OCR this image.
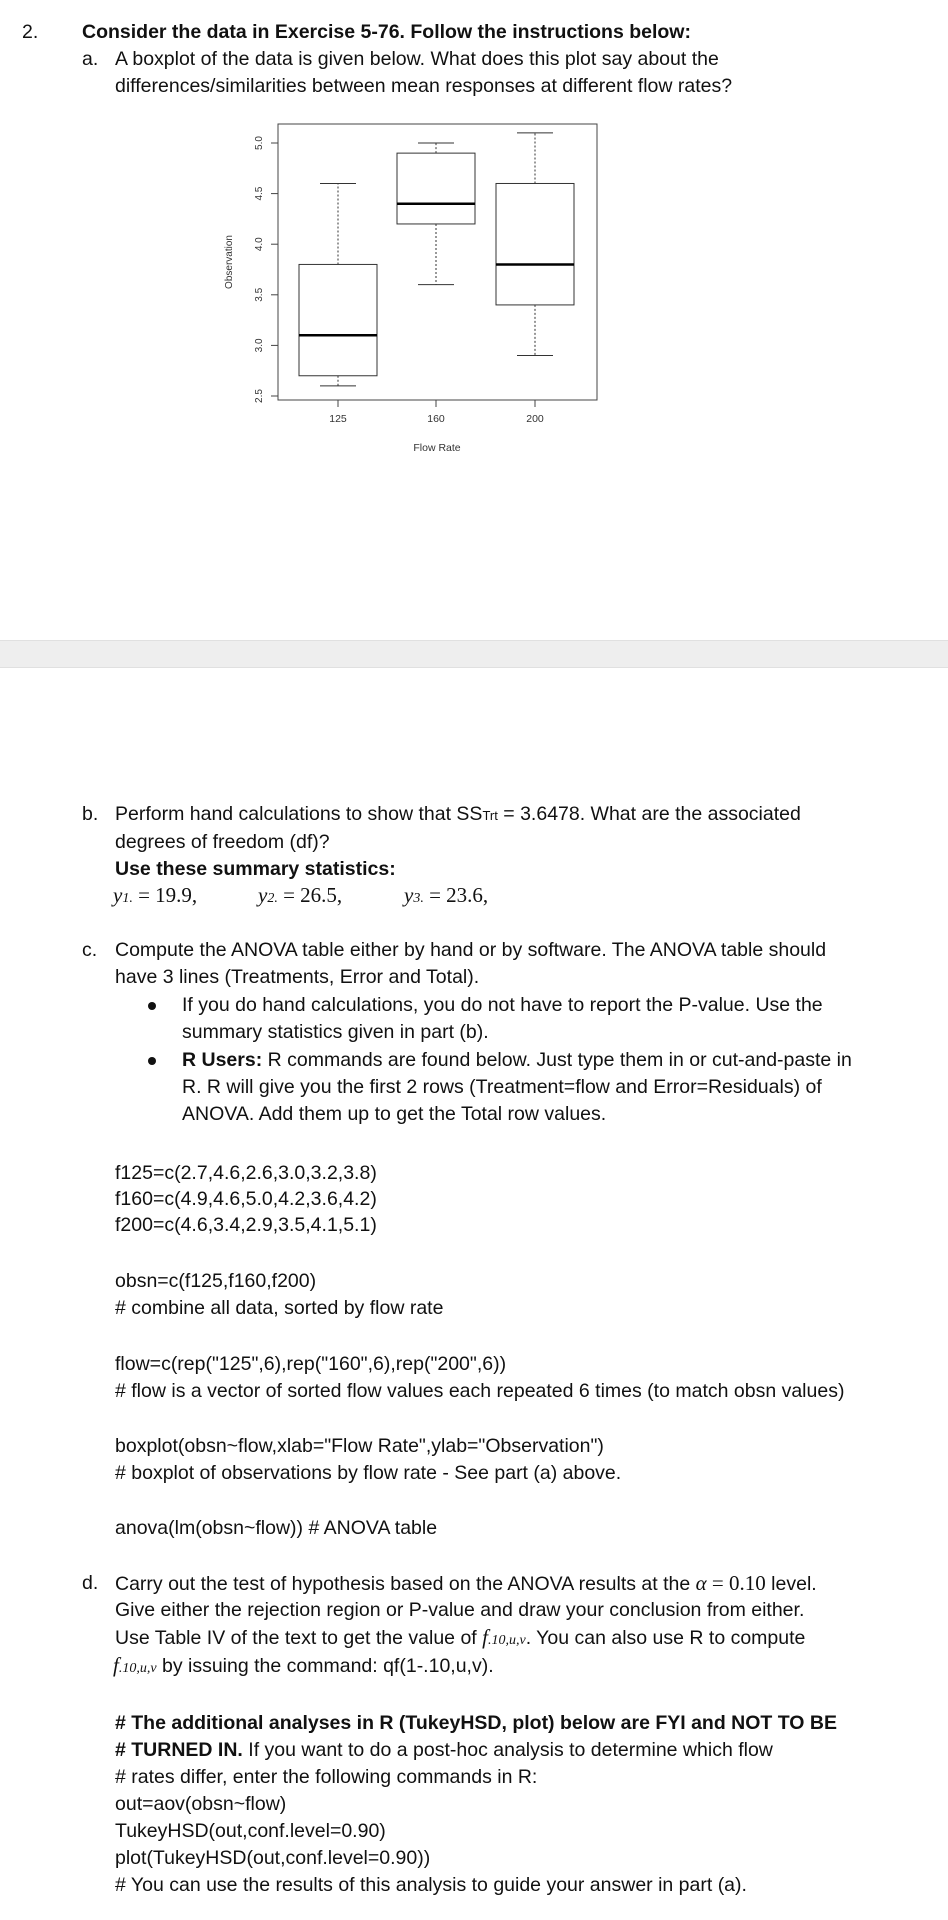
2. Consider the data in Exercise 5-76. Follow the instructions below:
a. A boxplot of the data is given below. What does this plot say about the
differences/similarities between mean responses at different flow rates?
2.5
3.0
3.5
4.0
4.5
5.0
Observation
125	160	200
Flow Rate
b. Perform hand calculations to show that SSTrt = 3.6478. What are the associated
degrees of freedom (df)?
Use these summary statistics:
y1. = 19.9,	y2. = 26.5,	y3. = 23.6,
c. Compute the ANOVA table either by hand or by software. The ANOVA table should
have 3 lines (Treatments, Error and Total).
If you do hand calculations, you do not have to report the P-value. Use the
summary statistics given in part (b).
R Users: R commands are found below. Just type them in or cut-and-paste in
R. R will give you the first 2 rows (Treatment=flow and Error=Residuals) of
ANOVA. Add them up to get the Total row values.
f125=c(2.7,4.6,2.6,3.0,3.2,3.8)
f160=c(4.9,4.6,5.0,4.2,3.6,4.2)
f200=c(4.6,3.4,2.9,3.5,4.1,5.1)
obsn=c(f125,f160,f200)
# combine all data, sorted by flow rate
flow=c(rep("125",6),rep("160",6),rep("200",6))
# flow is a vector of sorted flow values each repeated 6 times (to match obsn values)
boxplot(obsn~flow,xlab="Flow Rate",ylab="Observation")
# boxplot of observations by flow rate - See part (a) above.
anova(lm(obsn~flow)) # ANOVA table
d. Carry out the test of hypothesis based on the ANOVA results at the α = 0.10 level.
Give either the rejection region or P-value and draw your conclusion from either.
Use Table IV of the text to get the value of f.10,u,v. You can also use R to compute
f.10,u,v by issuing the command: qf(1-.10,u,v).
# The additional analyses in R (TukeyHSD, plot) below are FYI and NOT TO BE
# TURNED IN. If you want to do a post-hoc analysis to determine which flow
# rates differ, enter the following commands in R:
out=aov(obsn~flow)
TukeyHSD(out,conf.level=0.90)
plot(TukeyHSD(out,conf.level=0.90))
# You can use the results of this analysis to guide your answer in part (a).
